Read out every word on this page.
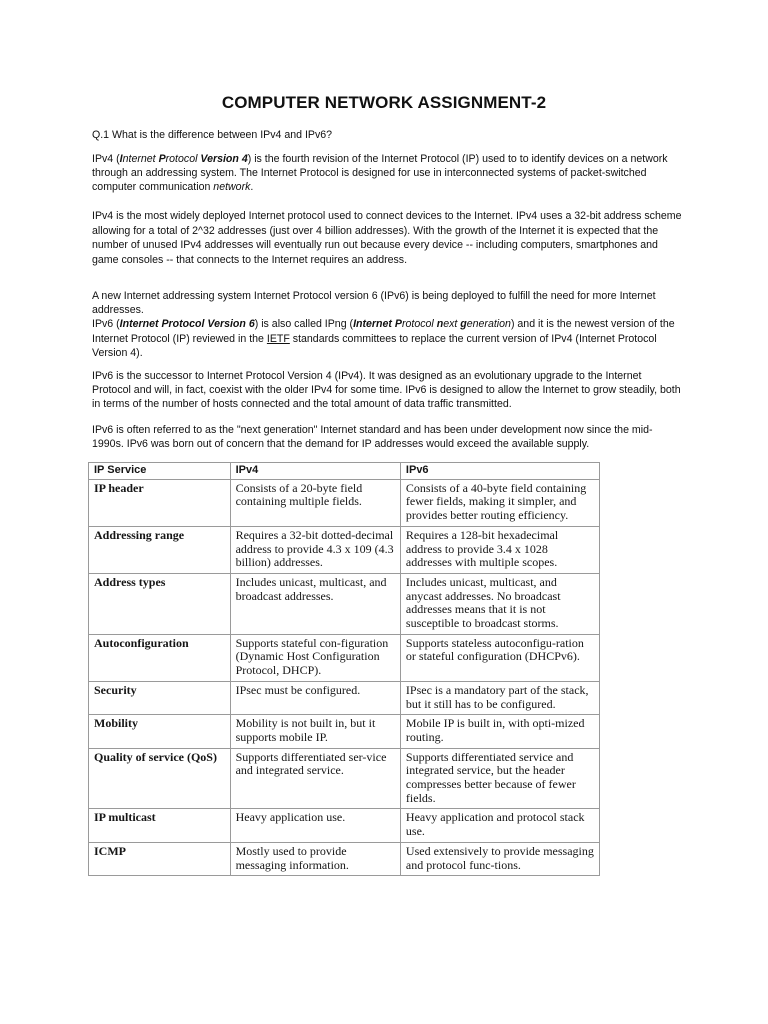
COMPUTER NETWORK ASSIGNMENT-2
Q.1 What is the difference between IPv4 and IPv6?
IPv4 (Internet Protocol Version 4) is the fourth revision of the Internet Protocol (IP) used to to identify devices on a network through an addressing system. The Internet Protocol is designed for use in interconnected systems of packet-switched computer communication network.
IPv4 is the most widely deployed Internet protocol used to connect devices to the Internet. IPv4 uses a 32-bit address scheme allowing for a total of 2^32 addresses (just over 4 billion addresses). With the growth of the Internet it is expected that the number of unused IPv4 addresses will eventually run out because every device -- including computers, smartphones and game consoles -- that connects to the Internet requires an address.
A new Internet addressing system Internet Protocol version 6 (IPv6) is being deployed to fulfill the need for more Internet addresses.
IPv6 (Internet Protocol Version 6) is also called IPng (Internet Protocol next generation) and it is the newest version of the Internet Protocol (IP) reviewed in the IETF standards committees to replace the current version of IPv4 (Internet Protocol Version 4).
IPv6 is the successor to Internet Protocol Version 4 (IPv4). It was designed as an evolutionary upgrade to the Internet Protocol and will, in fact, coexist with the older IPv4 for some time. IPv6 is designed to allow the Internet to grow steadily, both in terms of the number of hosts connected and the total amount of data traffic transmitted.
IPv6 is often referred to as the "next generation" Internet standard and has been under development now since the mid-1990s. IPv6 was born out of concern that the demand for IP addresses would exceed the available supply.
IP Service	IPv4	IPv6
IP header	Consists of a 20-byte field containing multiple fields.	Consists of a 40-byte field containing fewer fields, making it simpler, and provides better routing efficiency.
Addressing range	Requires a 32-bit dotted-decimal address to provide 4.3 x 109 (4.3 billion) addresses.	Requires a 128-bit hexadecimal address to provide 3.4 x 1028 addresses with multiple scopes.
Address types	Includes unicast, multicast, and broadcast addresses.	Includes unicast, multicast, and anycast addresses. No broadcast addresses means that it is not susceptible to broadcast storms.
Autoconfiguration	Supports stateful con-figuration (Dynamic Host Configuration Protocol, DHCP).	Supports stateless autoconfigu-ration or stateful configuration (DHCPv6).
Security	IPsec must be configured.	IPsec is a mandatory part of the stack, but it still has to be configured.
Mobility	Mobility is not built in, but it supports mobile IP.	Mobile IP is built in, with opti-mized routing.
Quality of service (QoS)	Supports differentiated ser-vice and integrated service.	Supports differentiated service and integrated service, but the header compresses better because of fewer fields.
IP multicast	Heavy application use.	Heavy application and protocol stack use.
ICMP	Mostly used to provide messaging information.	Used extensively to provide messaging and protocol func-tions.
